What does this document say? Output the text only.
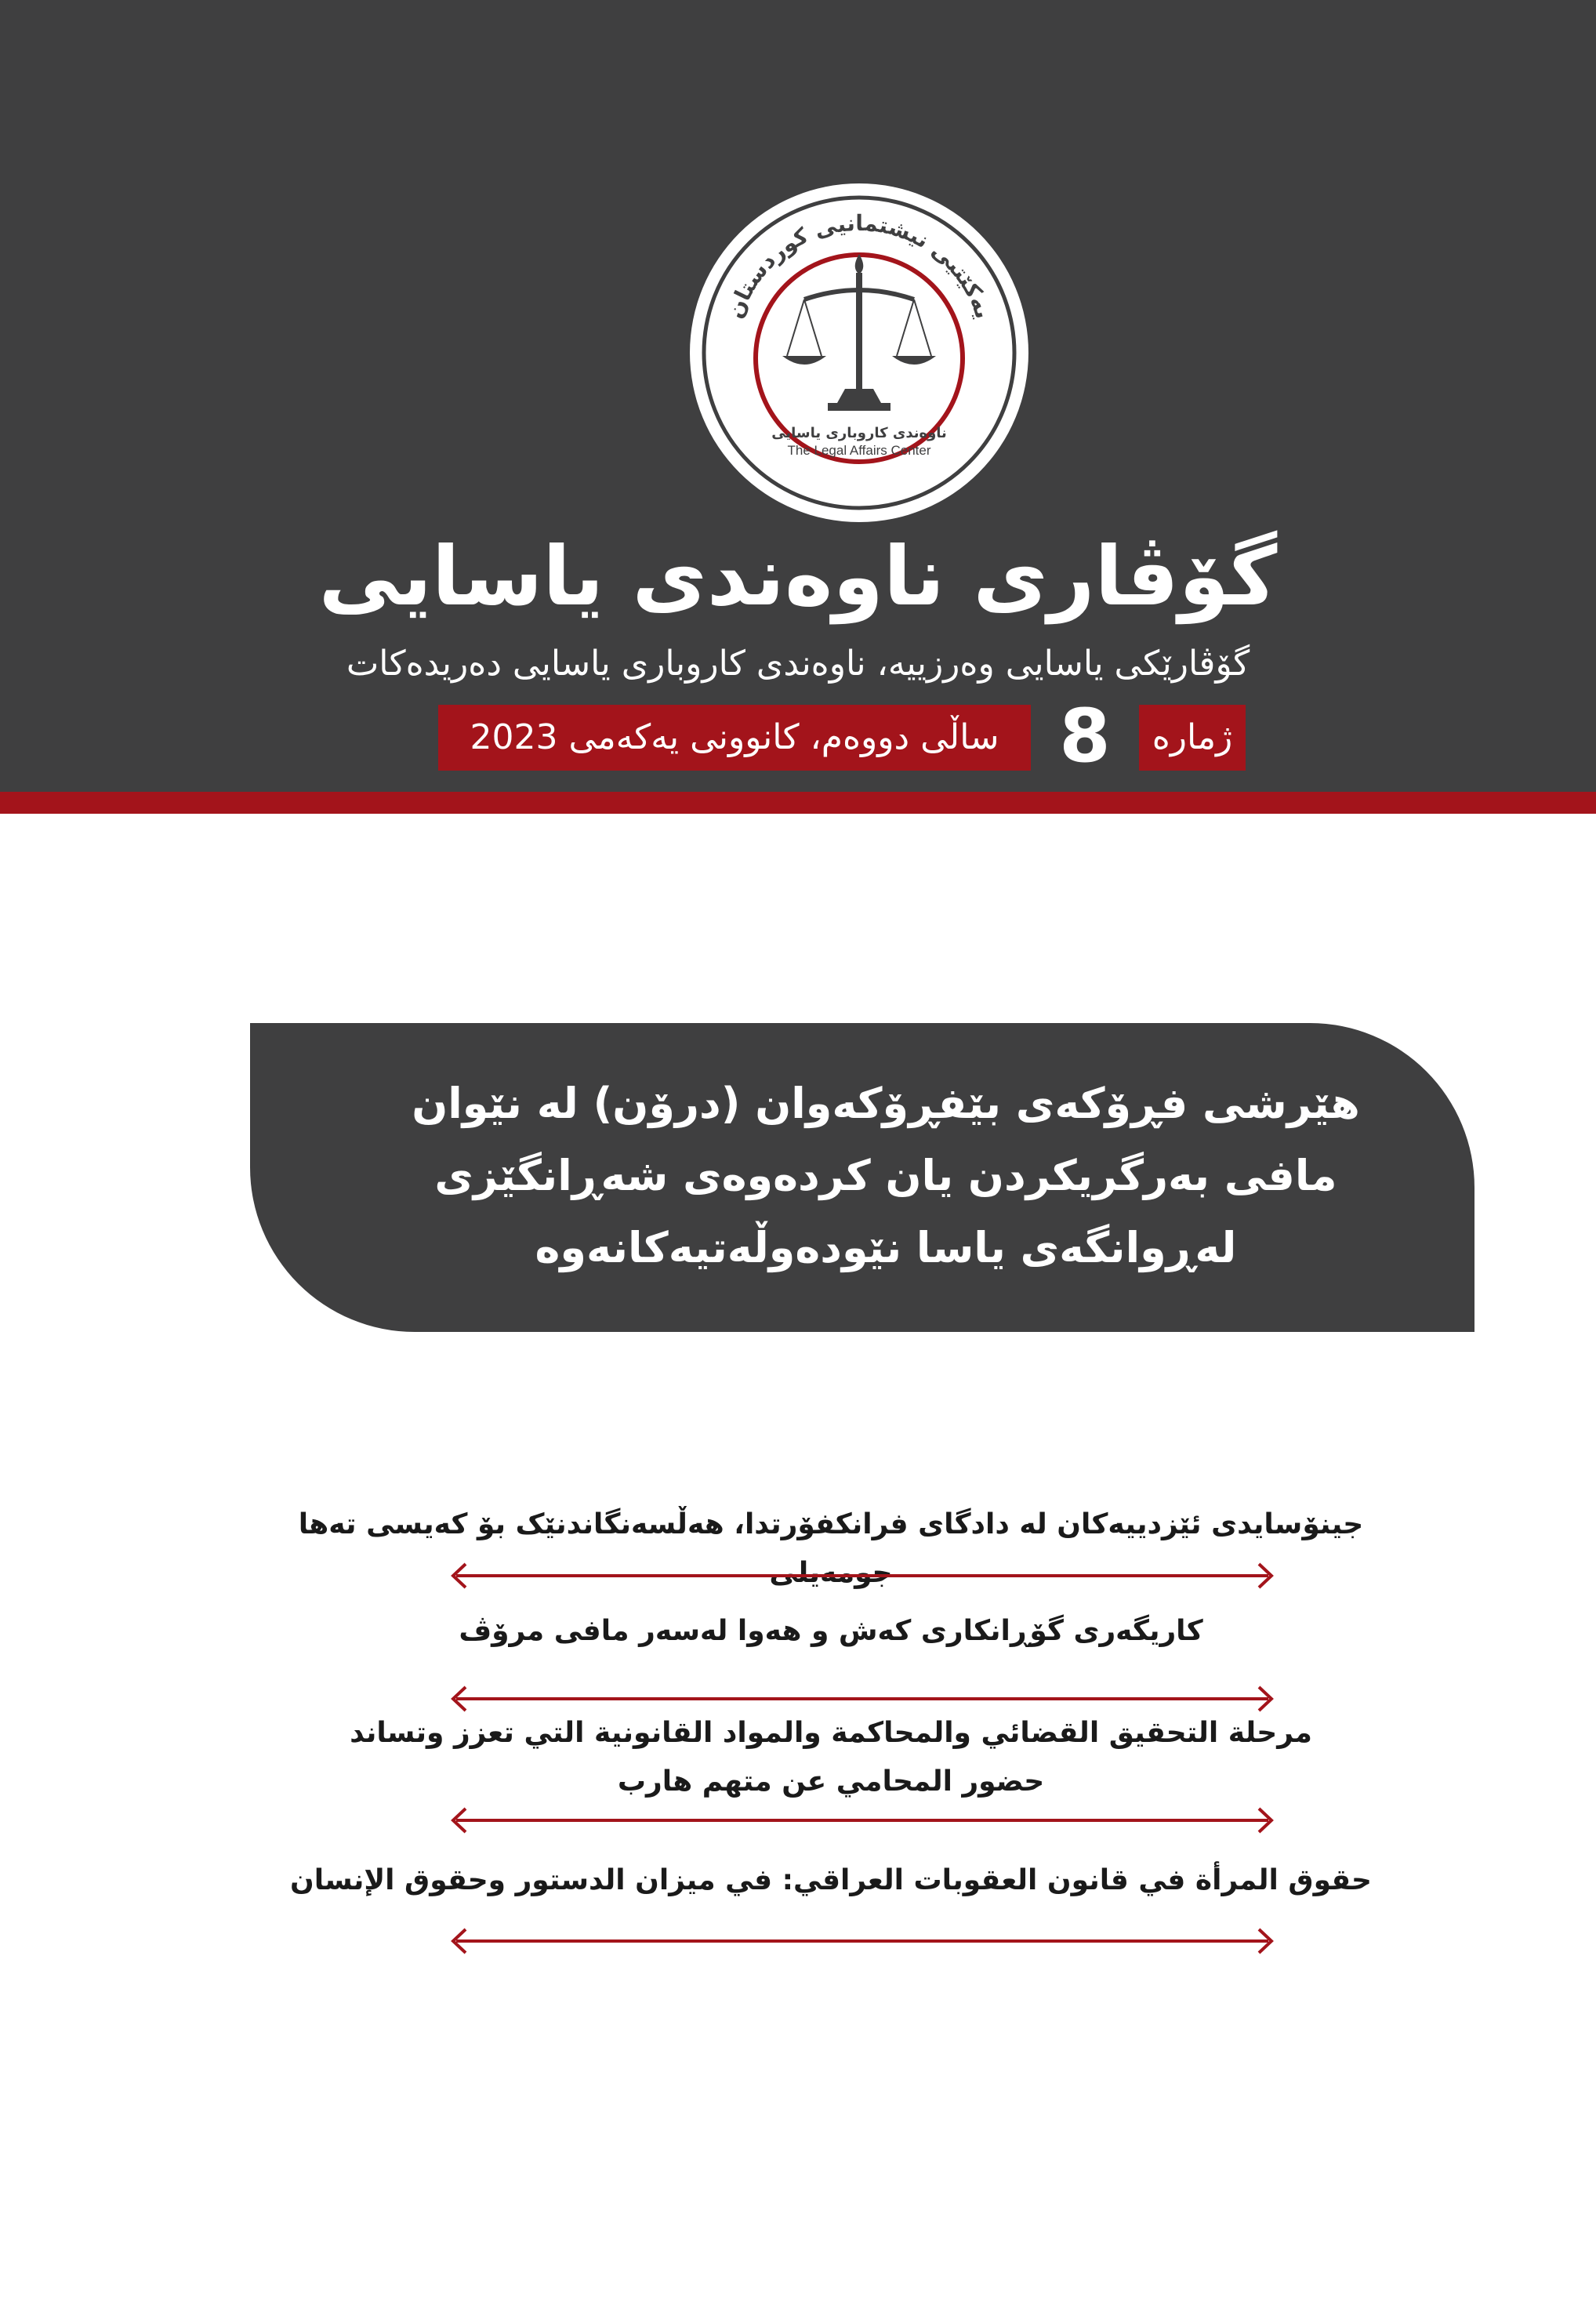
یەکێتیی نیشتمانیی کوردستان
ناوەندی کاروباری یاسایی
The Legal Affairs Center
گۆڤاری ناوەندی یاسایی
گۆڤارێکی یاسایی وەرزییە، ناوەندی کاروباری یاسایی دەریدەکات
ژمارە
8
ساڵی دووەم، کانوونی یەکەمی 2023
هێرشی فڕۆکەی بێفڕۆکەوان (درۆن) لە نێوان
مافی بەرگریکردن یان کردەوەی شەڕانگێزی
لەڕوانگەی یاسا نێودەوڵەتیەکانەوە
جینۆسایدی ئێزدییەکان لە دادگای فرانکفۆرتدا، هەڵسەنگاندنێک بۆ کەیسی تەها جومەیلی
کاریگەری گۆڕانکاری کەش و هەوا لەسەر مافی مرۆڤ
مرحلة التحقيق القضائي والمحاكمة والمواد القانونية التي تعزز وتساند
حضور المحامي عن متهم هارب
حقوق المرأة في قانون العقوبات العراقي: في ميزان الدستور وحقوق الإنسان
